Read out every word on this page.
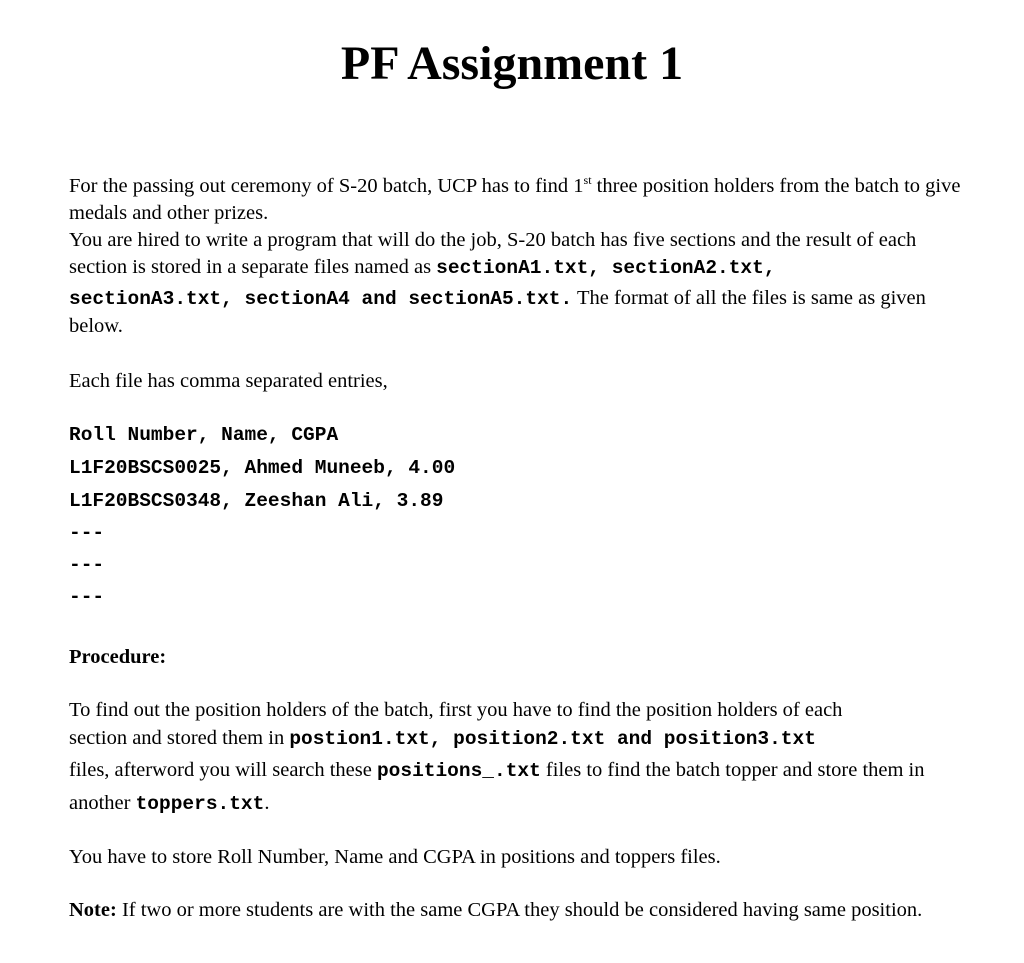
PF Assignment 1

For the passing out ceremony of S-20 batch, UCP has to find 1st three position holders from the batch to give medals and other prizes.

You are hired to write a program that will do the job, S-20 batch has five sections and the result of each section is stored in a separate files named as sectionA1.txt, sectionA2.txt,

sectionA3.txt, sectionA4 and sectionA5.txt. The format of all the files is same as given below.

Each file has comma separated entries,

Roll Number, Name, CGPA

L1F20BSCS0025, Ahmed Muneeb, 4.00

L1F20BSCS0348, Zeeshan Ali, 3.89

---

---

---

Procedure:

To find out the position holders of the batch, first you have to find the position holders of each

section and stored them in postion1.txt, position2.txt and position3.txt

files, afterword you will search these positions_.txt files to find the batch topper and store them in another toppers.txt.

You have to store Roll Number, Name and CGPA in positions and toppers files.

Note: If two or more students are with the same CGPA they should be considered having same position.
